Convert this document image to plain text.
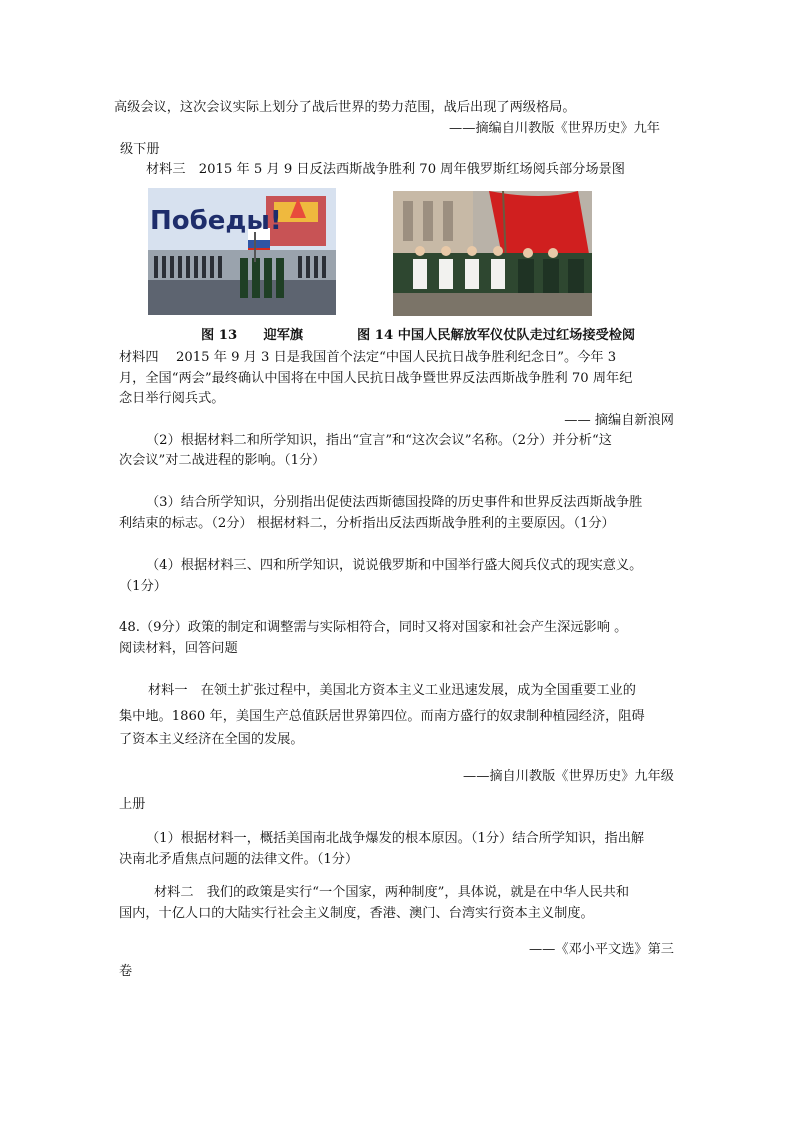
高级会议，这次会议实际上划分了战后世界的势力范围，战后出现了两级格局。
——摘编自川教版《世界历史》九年
级下册
材料三　2015 年 5 月 9 日反法西斯战争胜利 70 周年俄罗斯红场阅兵部分场景图
Победы!
图 13　　迎军旗	图 14 中国人民解放军仪仗队走过红场接受检阅
材料四　 2015 年 9 月 3 日是我国首个法定“中国人民抗日战争胜利纪念日”。今年 3
月，全国“两会”最终确认中国将在中国人民抗日战争暨世界反法西斯战争胜利 70 周年纪
念日举行阅兵式。
—— 摘编自新浪网
（2）根据材料二和所学知识，指出“宣言”和“这次会议”名称。（2分）并分析“这
次会议”对二战进程的影响。（1分）
（3）结合所学知识，分别指出促使法西斯德国投降的历史事件和世界反法西斯战争胜
利结束的标志。（2分） 根据材料二，分析指出反法西斯战争胜利的主要原因。（1分）
（4）根据材料三、四和所学知识，说说俄罗斯和中国举行盛大阅兵仪式的现实意义。
（1分）
48.（9分）政策的制定和调整需与实际相符合，同时又将对国家和社会产生深远影响 。
阅读材料，回答问题
材料一　在领土扩张过程中，美国北方资本主义工业迅速发展，成为全国重要工业的
集中地。1860 年，美国生产总值跃居世界第四位。而南方盛行的奴隶制种植园经济，阻碍
了资本主义经济在全国的发展。
——摘自川教版《世界历史》九年级
上册
（1）根据材料一，概括美国南北战争爆发的根本原因。（1分）结合所学知识，指出解
决南北矛盾焦点问题的法律文件。（1分）
材料二　我们的政策是实行“一个国家，两种制度”，具体说，就是在中华人民共和
国内，十亿人口的大陆实行社会主义制度，香港、澳门、台湾实行资本主义制度。
——《邓小平文选》第三
卷
